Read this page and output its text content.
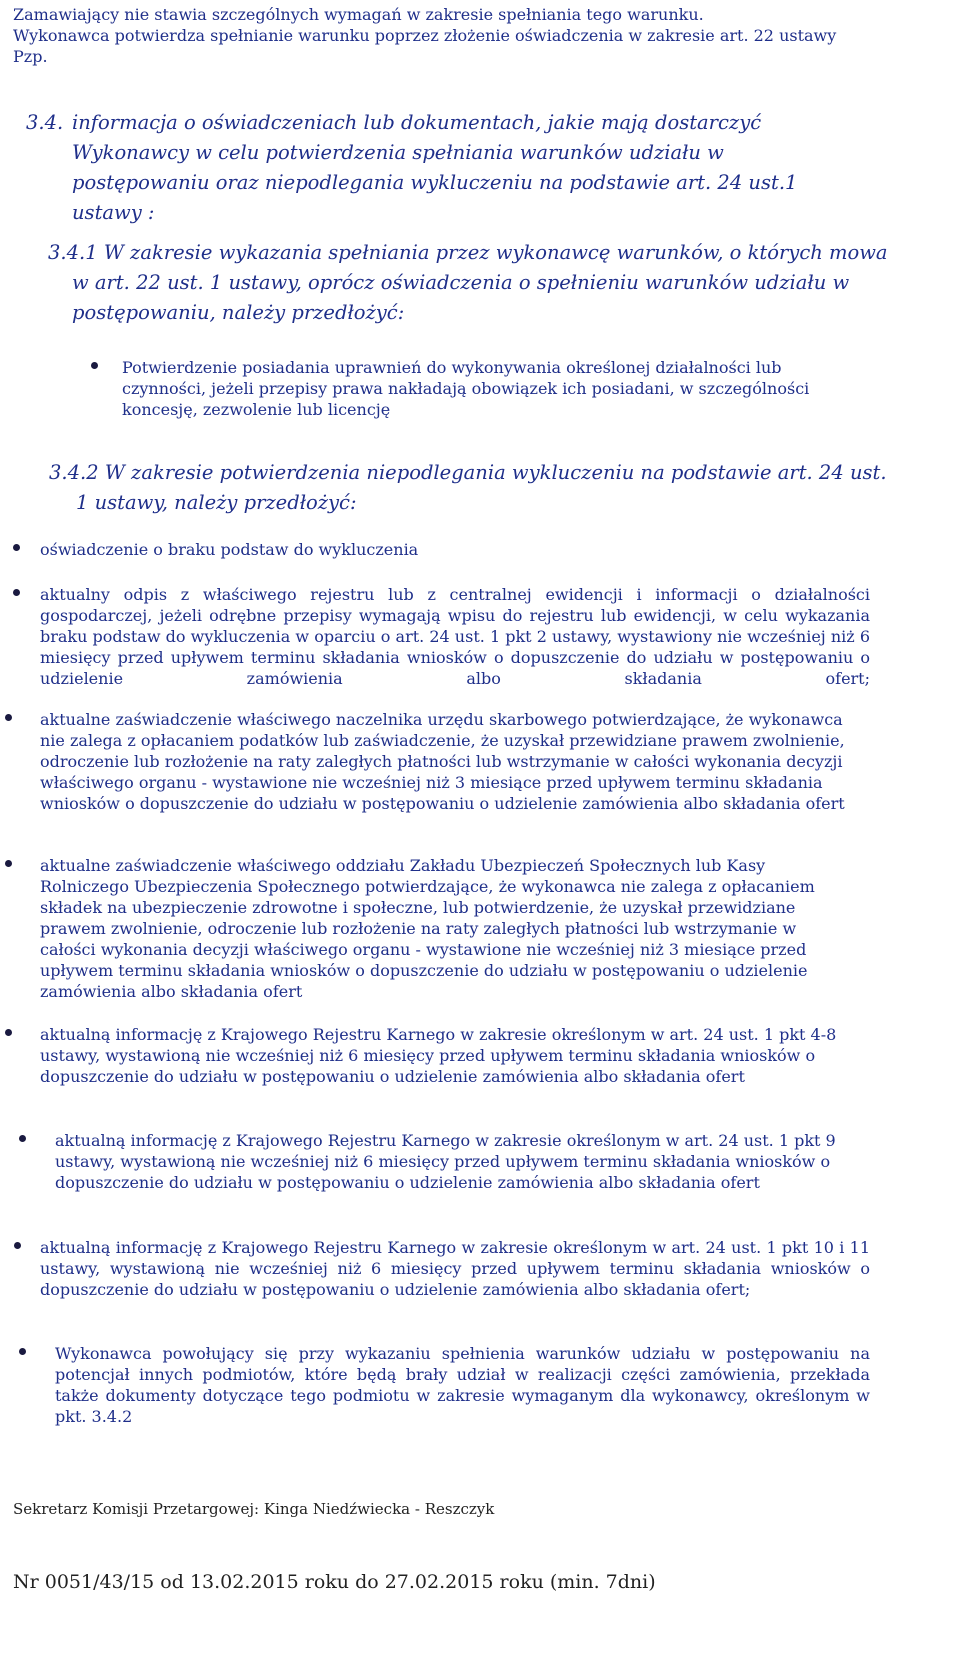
Zamawiający nie stawia szczególnych wymagań w zakresie spełniania tego warunku.
Wykonawca potwierdza spełnianie warunku poprzez złożenie oświadczenia w zakresie art. 22 ustawy
Pzp.
3.4. informacja o oświadczeniach lub dokumentach, jakie mają dostarczyć Wykonawcy w celu potwierdzenia spełniania warunków udziału w postępowaniu oraz niepodlegania wykluczeniu na podstawie art. 24 ust.1 ustawy :
3.4.1 W zakresie wykazania spełniania przez wykonawcę warunków, o których mowa w art. 22 ust. 1 ustawy, oprócz oświadczenia o spełnieniu warunków udziału w postępowaniu, należy przedłożyć:
Potwierdzenie posiadania uprawnień do wykonywania określonej działalności lub czynności, jeżeli przepisy prawa nakładają obowiązek ich posiadani, w szczególności koncesję, zezwolenie lub licencję
3.4.2 W zakresie potwierdzenia niepodlegania wykluczeniu na podstawie art. 24 ust. 1 ustawy, należy przedłożyć:
oświadczenie o braku podstaw do wykluczenia
aktualny odpis z właściwego rejestru lub z centralnej ewidencji i informacji o działalności gospodarczej, jeżeli odrębne przepisy wymagają wpisu do rejestru lub ewidencji, w celu wykazania braku podstaw do wykluczenia w oparciu o art. 24 ust. 1 pkt 2 ustawy, wystawiony nie wcześniej niż 6 miesięcy przed upływem terminu składania wniosków o dopuszczenie do udziału w postępowaniu o udzielenie zamówienia albo składania ofert;
aktualne zaświadczenie właściwego naczelnika urzędu skarbowego potwierdzające, że wykonawca nie zalega z opłacaniem podatków lub zaświadczenie, że uzyskał przewidziane prawem zwolnienie, odroczenie lub rozłożenie na raty zaległych płatności lub wstrzymanie w całości wykonania decyzji właściwego organu - wystawione nie wcześniej niż 3 miesiące przed upływem terminu składania wniosków o dopuszczenie do udziału w postępowaniu o udzielenie zamówienia albo składania ofert
aktualne zaświadczenie właściwego oddziału Zakładu Ubezpieczeń Społecznych lub Kasy Rolniczego Ubezpieczenia Społecznego potwierdzające, że wykonawca nie zalega z opłacaniem składek na ubezpieczenie zdrowotne i społeczne, lub potwierdzenie, że uzyskał przewidziane prawem zwolnienie, odroczenie lub rozłożenie na raty zaległych płatności lub wstrzymanie w całości wykonania decyzji właściwego organu - wystawione nie wcześniej niż 3 miesiące przed upływem terminu składania wniosków o dopuszczenie do udziału w postępowaniu o udzielenie zamówienia albo składania ofert
aktualną informację z Krajowego Rejestru Karnego w zakresie określonym w art. 24 ust. 1 pkt 4-8 ustawy, wystawioną nie wcześniej niż 6 miesięcy przed upływem terminu składania wniosków o dopuszczenie do udziału w postępowaniu o udzielenie zamówienia albo składania ofert
aktualną informację z Krajowego Rejestru Karnego w zakresie określonym w art. 24 ust. 1 pkt 9 ustawy, wystawioną nie wcześniej niż 6 miesięcy przed upływem terminu składania wniosków o dopuszczenie do udziału w postępowaniu o udzielenie zamówienia albo składania ofert
aktualną informację z Krajowego Rejestru Karnego w zakresie określonym w art. 24 ust. 1 pkt 10 i 11 ustawy, wystawioną nie wcześniej niż 6 miesięcy przed upływem terminu składania wniosków o dopuszczenie do udziału w postępowaniu o udzielenie zamówienia albo składania ofert;
Wykonawca powołujący się przy wykazaniu spełnienia warunków udziału w postępowaniu na potencjał innych podmiotów, które będą brały udział w realizacji części zamówienia, przekłada także dokumenty dotyczące tego podmiotu w zakresie wymaganym dla wykonawcy, określonym w pkt. 3.4.2
Sekretarz Komisji Przetargowej: Kinga Niedźwiecka - Reszczyk
Nr 0051/43/15 od 13.02.2015 roku do 27.02.2015 roku (min. 7dni)
